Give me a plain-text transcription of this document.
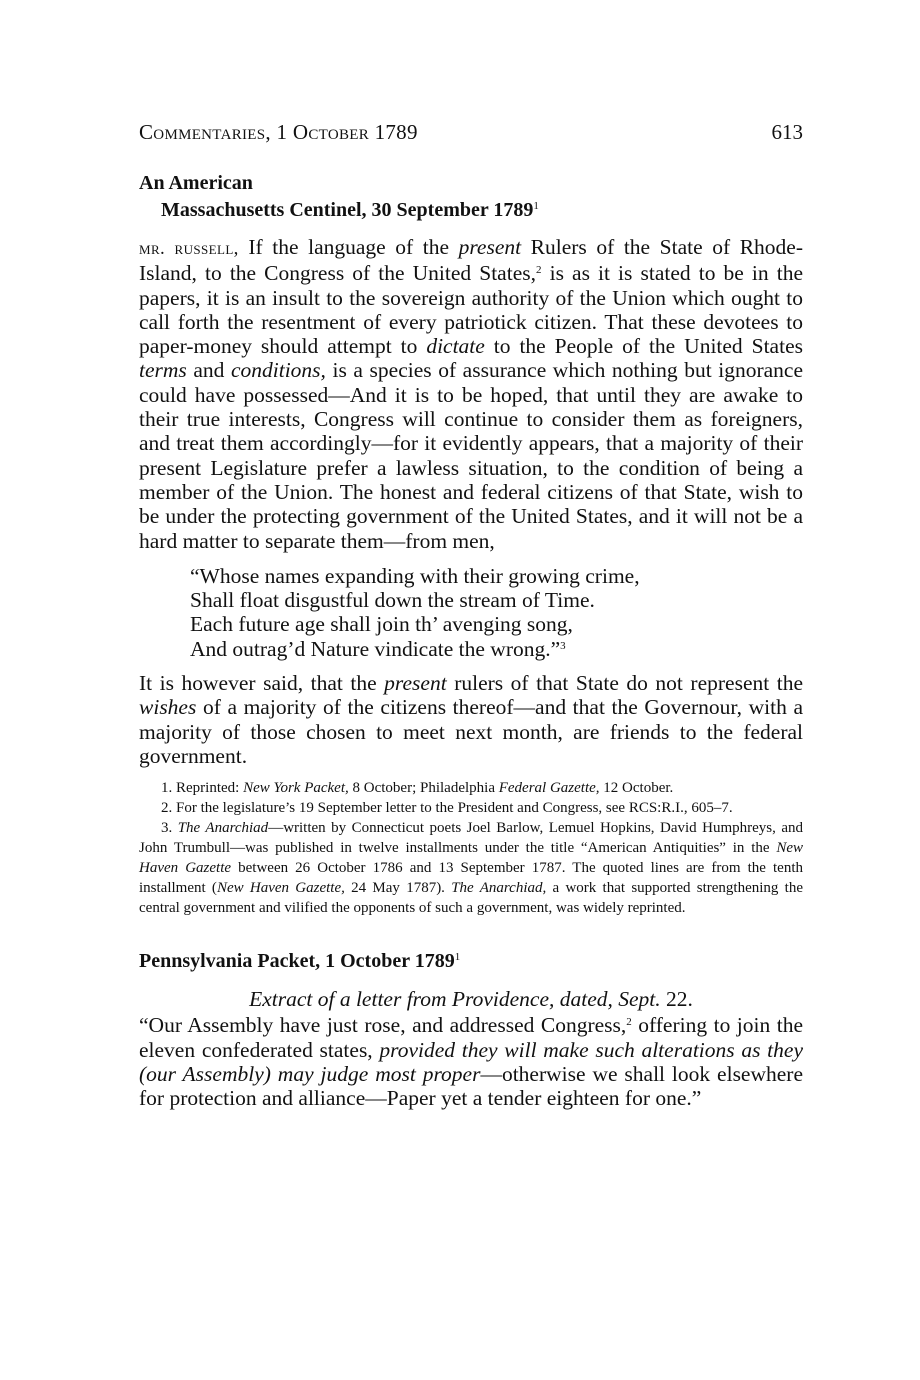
Commentaries, 1 October 1789	613

An American

Massachusetts Centinel, 30 September 1789$^1$

mr. russell, If the language of the present Rulers of the State of Rhode-Island, to the Congress of the United States,$^2$ is as it is stated to be in the papers, it is an insult to the sovereign authority of the Union which ought to call forth the resentment of every patriotick citizen. That these devotees to paper-money should attempt to dictate to the People of the United States terms and conditions, is a species of assurance which nothing but ignorance could have possessed—And it is to be hoped, that until they are awake to their true interests, Congress will continue to consider them as foreigners, and treat them accordingly—for it evidently appears, that a majority of their present Legislature prefer a lawless situation, to the condition of being a member of the Union. The honest and federal citizens of that State, wish to be under the protecting government of the United States, and it will not be a hard matter to separate them—from men,

“Whose names expanding with their growing crime,
Shall float disgustful down the stream of Time.
Each future age shall join th’ avenging song,
And outrag’d Nature vindicate the wrong.”$^3$

It is however said, that the present rulers of that State do not represent the wishes of a majority of the citizens thereof—and that the Governour, with a majority of those chosen to meet next month, are friends to the federal government.

1. Reprinted: New York Packet, 8 October; Philadelphia Federal Gazette, 12 October.

2. For the legislature’s 19 September letter to the President and Congress, see RCS:R.I., 605–7.

3. The Anarchiad—written by Connecticut poets Joel Barlow, Lemuel Hopkins, David Humphreys, and John Trumbull—was published in twelve installments under the title “American Antiquities” in the New Haven Gazette between 26 October 1786 and 13 September 1787. The quoted lines are from the tenth installment (New Haven Gazette, 24 May 1787). The Anarchiad, a work that supported strengthening the central government and vilified the opponents of such a government, was widely reprinted.

Pennsylvania Packet, 1 October 1789$^1$

Extract of a letter from Providence, dated, Sept. 22.

“Our Assembly have just rose, and addressed Congress,$^2$ offering to join the eleven confederated states, provided they will make such alterations as they (our Assembly) may judge most proper—otherwise we shall look elsewhere for protection and alliance—Paper yet a tender eighteen for one.”
